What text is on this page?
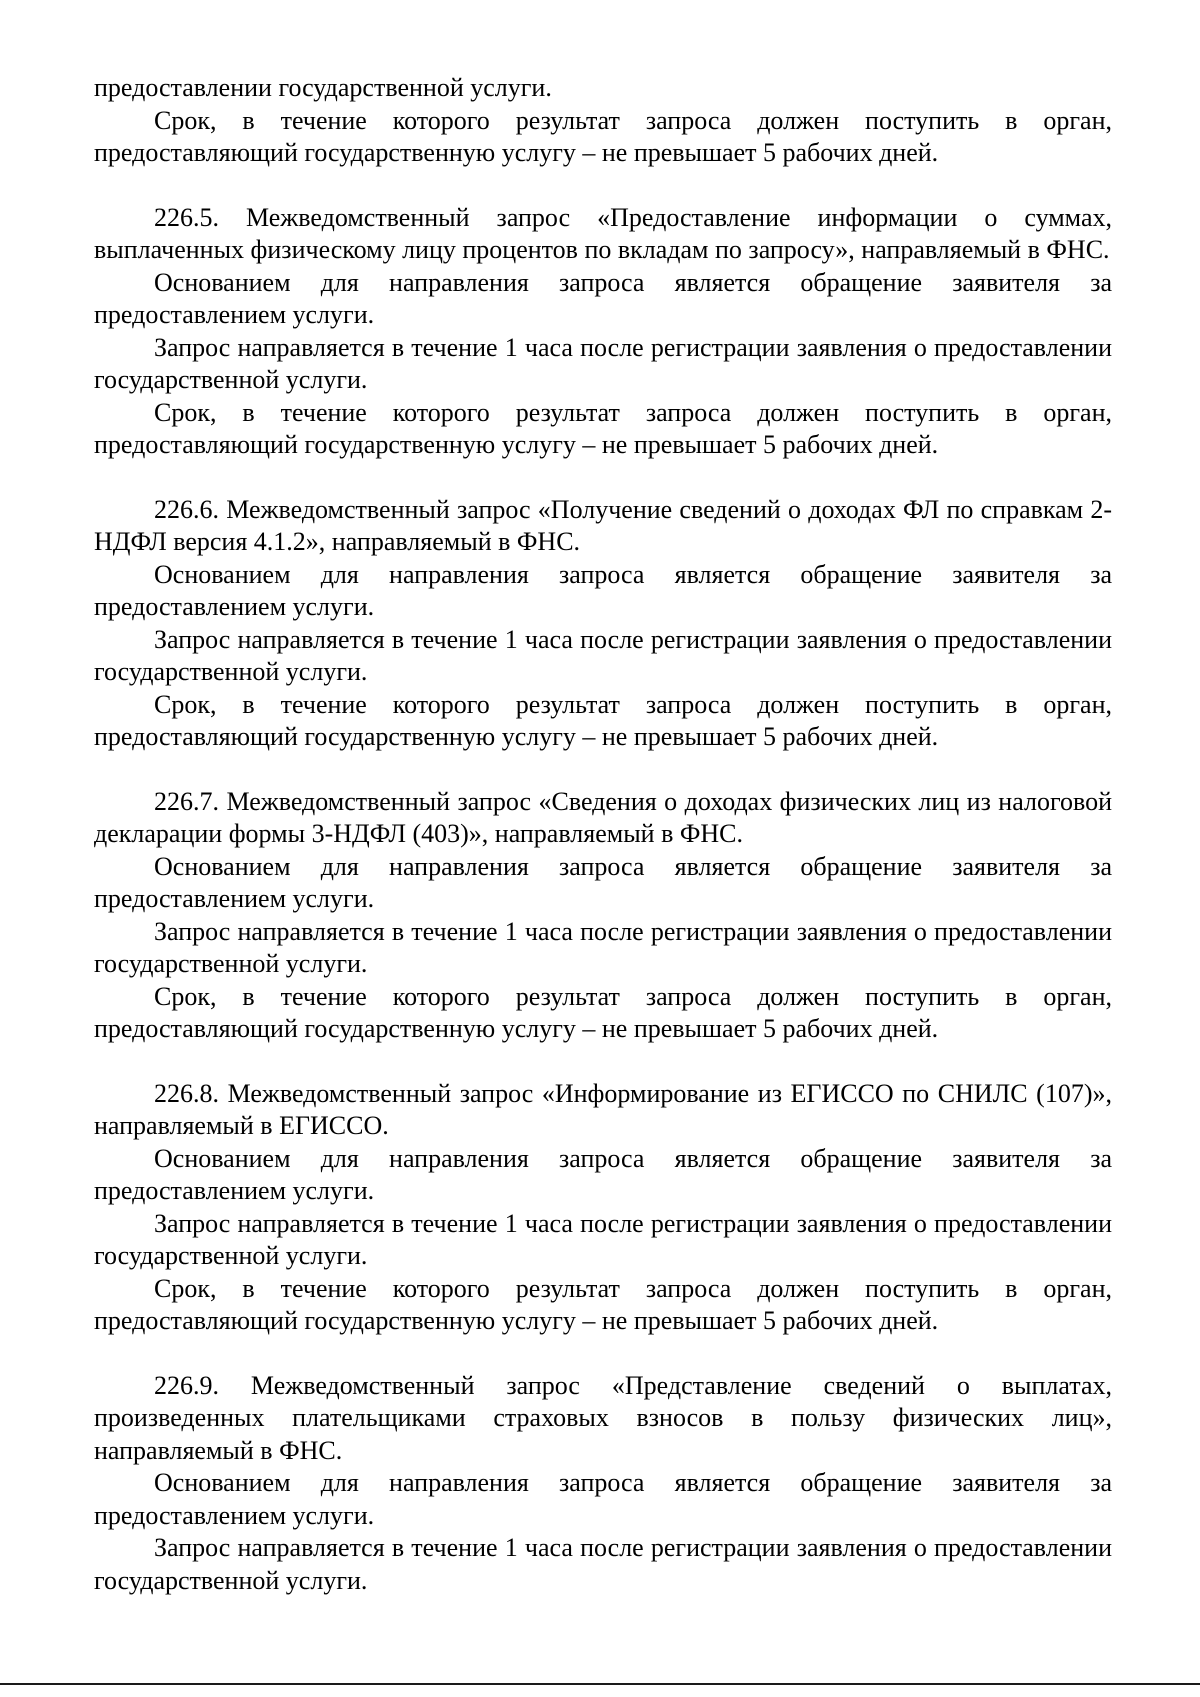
предоставлении государственной услуги.

Срок, в течение которого результат запроса должен поступить в орган, предоставляющий государственную услугу – не превышает 5 рабочих дней.

226.5. Межведомственный запрос «Предоставление информации о суммах, выплаченных физическому лицу процентов по вкладам по запросу», направляемый в ФНС.

Основанием для направления запроса является обращение заявителя за предоставлением услуги.

Запрос направляется в течение 1 часа после регистрации заявления о предоставлении государственной услуги.

Срок, в течение которого результат запроса должен поступить в орган, предоставляющий государственную услугу – не превышает 5 рабочих дней.

226.6. Межведомственный запрос «Получение сведений о доходах ФЛ по справкам 2-НДФЛ версия 4.1.2», направляемый в ФНС.

Основанием для направления запроса является обращение заявителя за предоставлением услуги.

Запрос направляется в течение 1 часа после регистрации заявления о предоставлении государственной услуги.

Срок, в течение которого результат запроса должен поступить в орган, предоставляющий государственную услугу – не превышает 5 рабочих дней.

226.7. Межведомственный запрос «Сведения о доходах физических лиц из налоговой декларации формы 3-НДФЛ (403)», направляемый в ФНС.

Основанием для направления запроса является обращение заявителя за предоставлением услуги.

Запрос направляется в течение 1 часа после регистрации заявления о предоставлении государственной услуги.

Срок, в течение которого результат запроса должен поступить в орган, предоставляющий государственную услугу – не превышает 5 рабочих дней.

226.8. Межведомственный запрос «Информирование из ЕГИССО по СНИЛС (107)», направляемый в ЕГИССО.

Основанием для направления запроса является обращение заявителя за предоставлением услуги.

Запрос направляется в течение 1 часа после регистрации заявления о предоставлении государственной услуги.

Срок, в течение которого результат запроса должен поступить в орган, предоставляющий государственную услугу – не превышает 5 рабочих дней.

226.9. Межведомственный запрос «Представление сведений о выплатах, произведенных плательщиками страховых взносов в пользу физических лиц», направляемый в ФНС.

Основанием для направления запроса является обращение заявителя за предоставлением услуги.

Запрос направляется в течение 1 часа после регистрации заявления о предоставлении государственной услуги.
